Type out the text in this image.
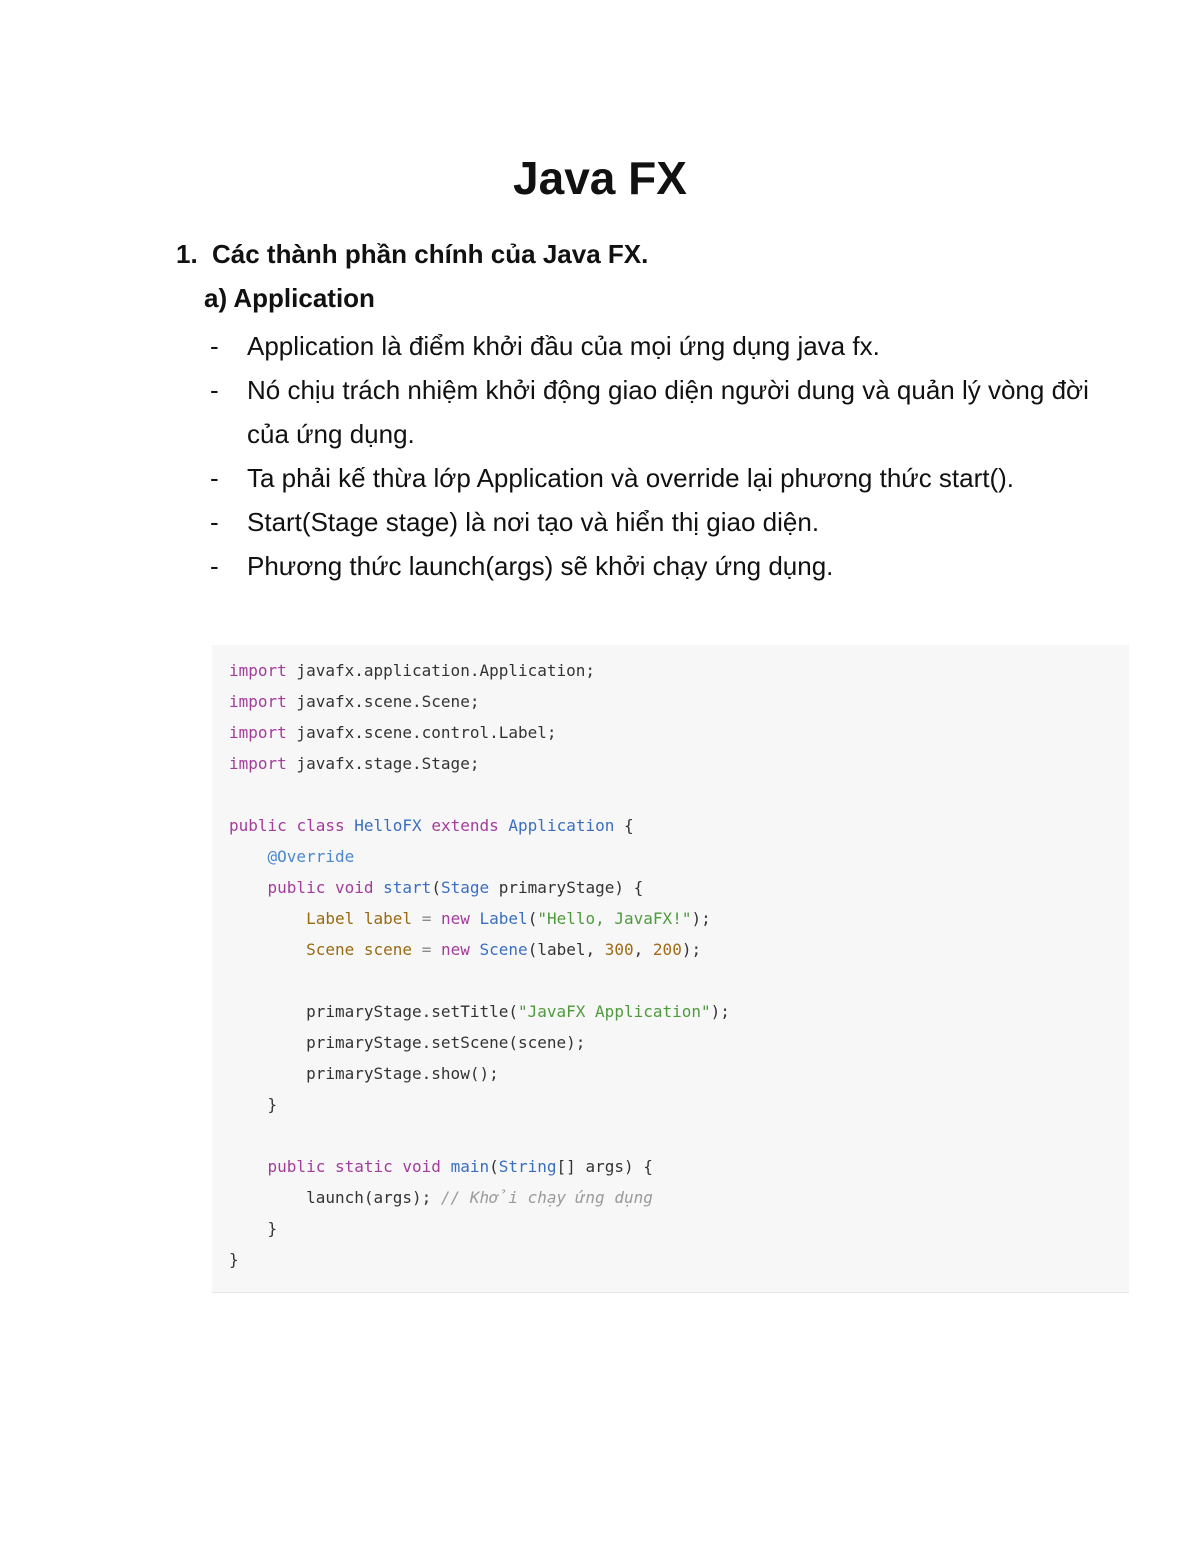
Java FX
1. Các thành phần chính của Java FX.
a) Application
- Application là điểm khởi đầu của mọi ứng dụng java fx.
- Nó chịu trách nhiệm khởi động giao diện người dung và quản lý vòng đời của ứng dụng.
- Ta phải kế thừa lớp Application và override lại phương thức start().
- Start(Stage stage) là nơi tạo và hiển thị giao diện.
- Phương thức launch(args) sẽ khởi chạy ứng dụng.
import javafx.application.Application;
import javafx.scene.Scene;
import javafx.scene.control.Label;
import javafx.stage.Stage;
public class HelloFX extends Application {
@Override
public void start(Stage primaryStage) {
Label label = new Label("Hello, JavaFX!");
Scene scene = new Scene(label, 300, 200);
primaryStage.setTitle("JavaFX Application");
primaryStage.setScene(scene);
primaryStage.show();
}
public static void main(String[] args) {
launch(args); // Khởi chạy ứng dụng
}
}
